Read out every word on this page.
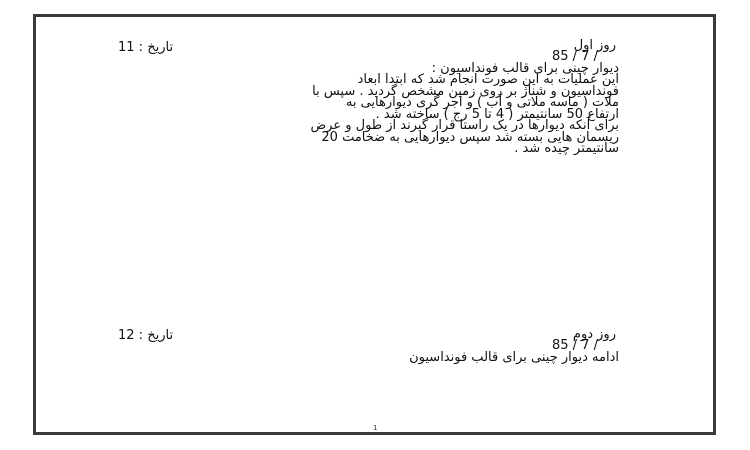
تاریخ : 11	روز اول
/ 7 / 85
دیوار چینی برای قالب فونداسیون :
این عملیات به این صورت انجام شد که ابتدا ابعاد
فونداسیون و شناژ بر روی زمین مشخص گردید . سپس با
ملات ( ماسه ملاتی و آب ) و آجر گری دیوارهایی به
ارتفاع 50 سانتیمتر ( 4 تا 5 رج ) ساخته شد .
برای آنکه دیوارها در یک راستا قرار گیرند از طول و عرض
ریسمان هایی بسته شد سپس دیوارهایی به ضخامت 20
سانتیمتر چیده شد .
تاریخ : 12	روز دوم
/ 7 / 85
ادامه دیوار چینی برای قالب فونداسیون
1
